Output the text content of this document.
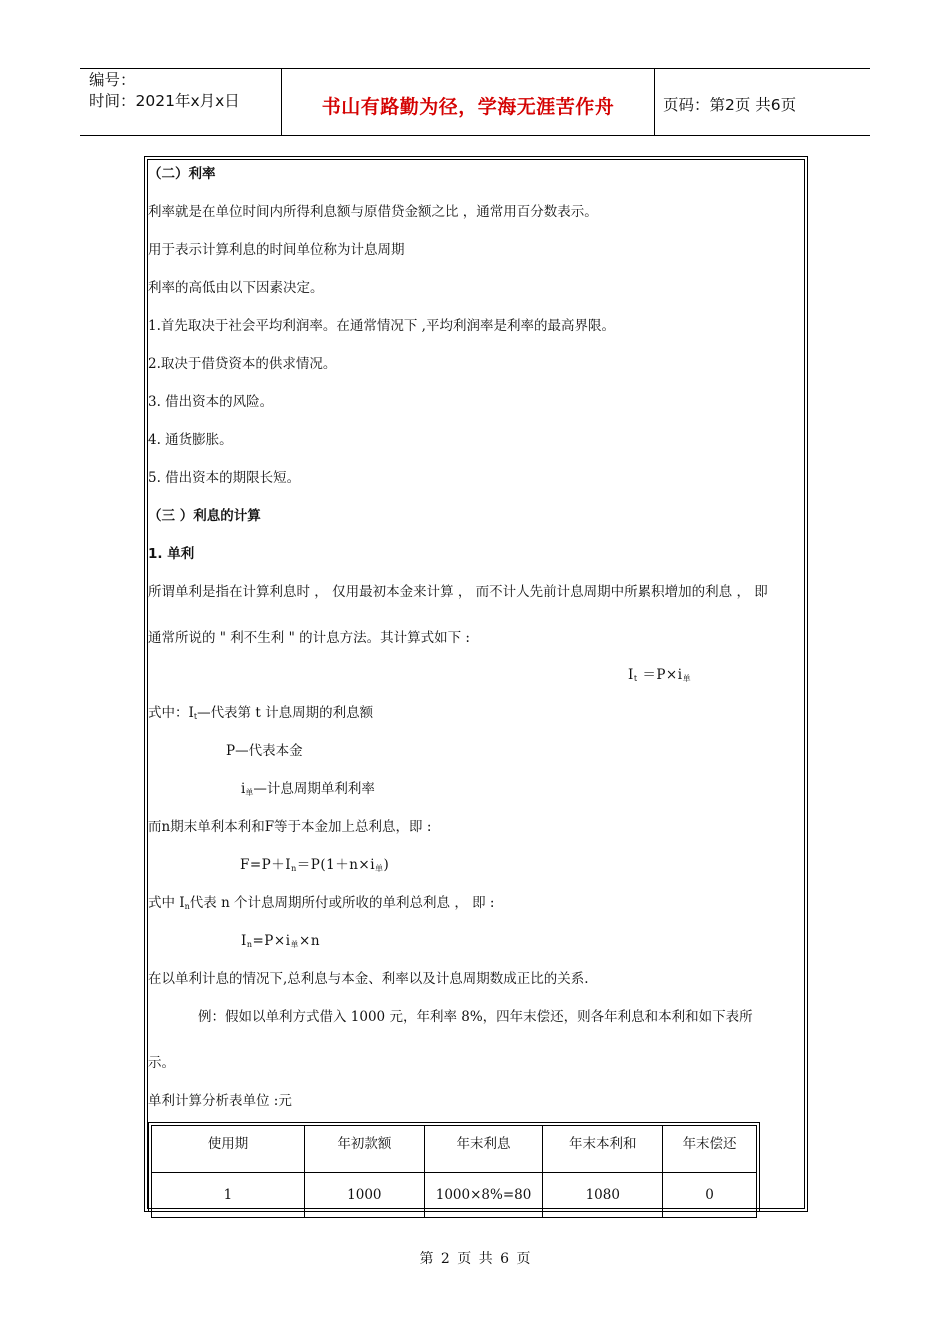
编号：
时间：2021年x月x日	书山有路勤为径，学海无涯苦作舟	页码：第2页 共6页
（二）利率
利率就是在单位时间内所得利息额与原借贷金额之比 ，通常用百分数表示。
用于表示计算利息的时间单位称为计息周期
利率的高低由以下因素决定。
1.首先取决于社会平均利润率。在通常情况下 ,平均利润率是利率的最高界限。
2.取决于借贷资本的供求情况。
3. 借出资本的风险。
4. 通货膨胀。
5. 借出资本的期限长短。
（三 ）利息的计算
1. 单利
所谓单利是指在计算利息时 ， 仅用最初本金来计算 ， 而不计人先前计息周期中所累积增加的利息 ， 即
通常所说的 " 利不生利 " 的计息方法。其计算式如下 :
$I_t =P\times i_单$
式中：$I_t—$代表第 t 计息周期的利息额
P—代表本金
$i_单—$计息周期单利利率
而n期末单利本利和F等于本金加上总利息，即 :
$F=P+I_n=P(1+n\times i_单)$
式中 $I_n$代表 n 个计息周期所付或所收的单利总利息 ， 即 :
$I_n=P\times i_单\times n$
在以单利计息的情况下,总利息与本金、利率以及计息周期数成正比的关系.
例：假如以单利方式借入 1000 元，年利率 8%，四年末偿还，则各年利息和本利和如下表所
示。
单利计算分析表单位 :元
使用期	年初款额	年末利息	年末本利和	年末偿还
1	1000	1000×8%=80	1080	0
第 2 页 共 6 页
